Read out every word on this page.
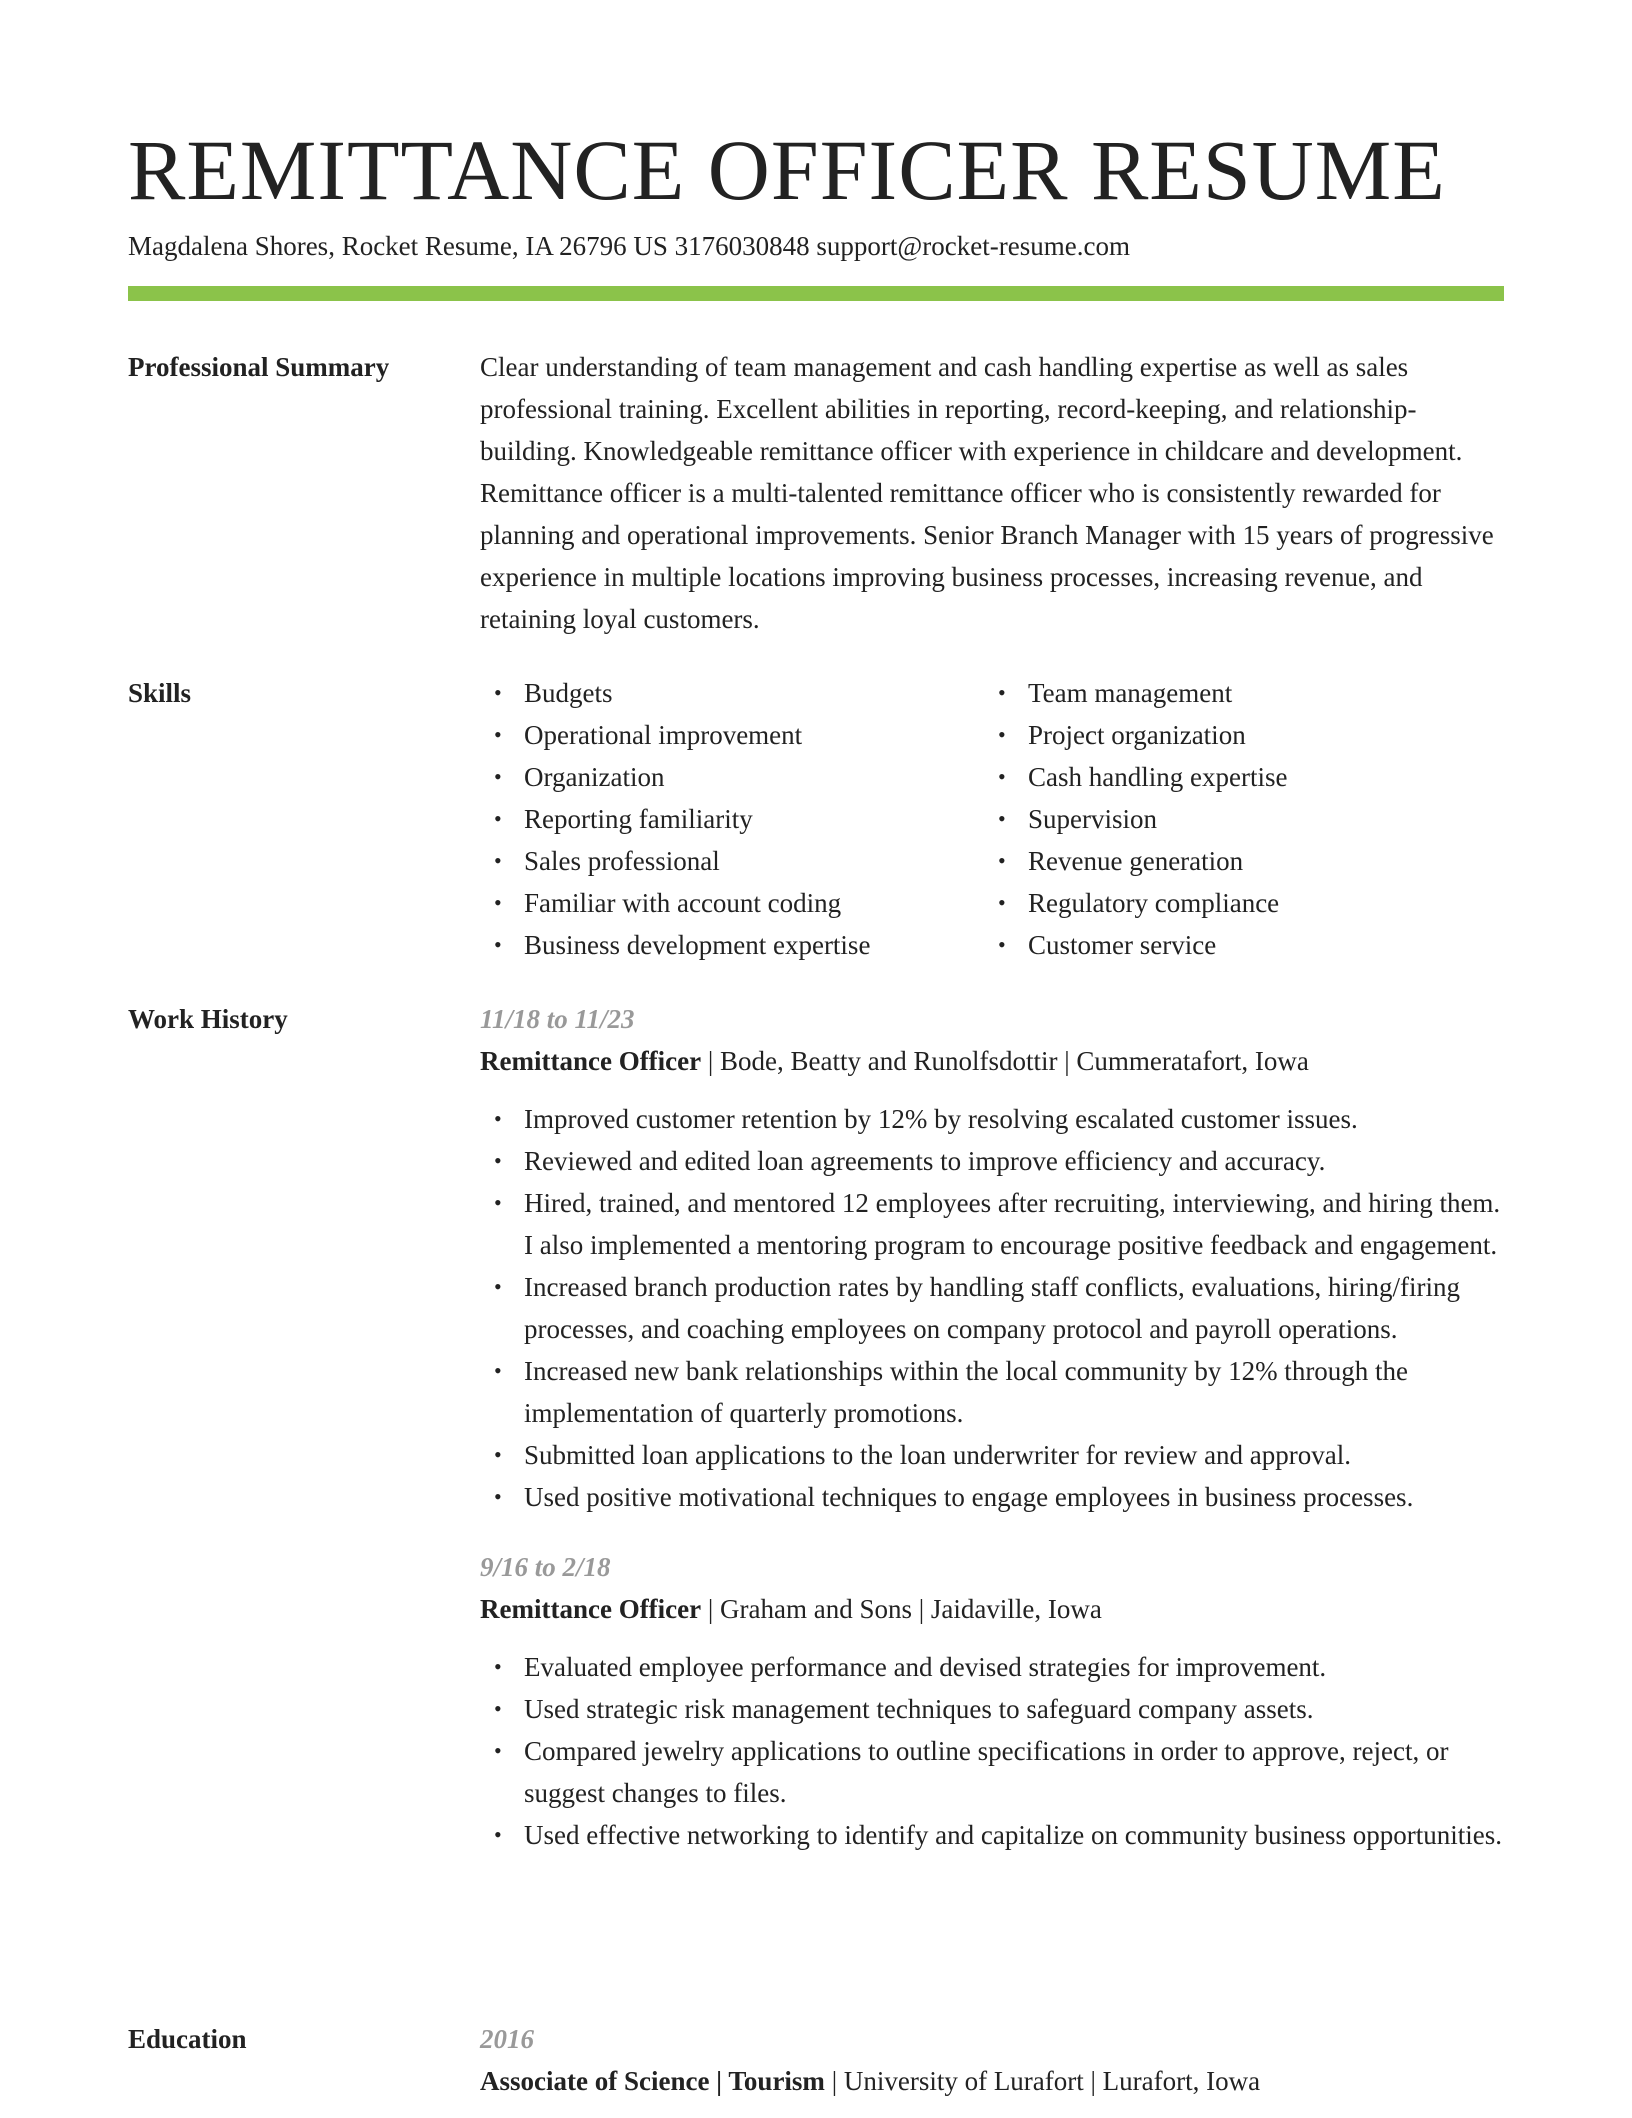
REMITTANCE OFFICER RESUME
Magdalena Shores, Rocket Resume, IA 26796 US 3176030848 support@rocket-resume.com
Professional Summary	Clear understanding of team management and cash handling expertise as well as sales professional training. Excellent abilities in reporting, record-keeping, and relationship-building. Knowledgeable remittance officer with experience in childcare and development. Remittance officer is a multi-talented remittance officer who is consistently rewarded for planning and operational improvements. Senior Branch Manager with 15 years of progressive experience in multiple locations improving business processes, increasing revenue, and retaining loyal customers.

Skills	• Budgets
• Operational improvement
• Organization
• Reporting familiarity
• Sales professional
• Familiar with account coding
• Business development expertise
• Team management
• Project organization
• Cash handling expertise
• Supervision
• Revenue generation
• Regulatory compliance
• Customer service
Work History	11/18 to 11/23
Remittance Officer | Bode, Beatty and Runolfsdottir | Cummeratafort, Iowa
• Improved customer retention by 12% by resolving escalated customer issues.
• Reviewed and edited loan agreements to improve efficiency and accuracy.
• Hired, trained, and mentored 12 employees after recruiting, interviewing, and hiring them. I also implemented a mentoring program to encourage positive feedback and engagement.
• Increased branch production rates by handling staff conflicts, evaluations, hiring/firing processes, and coaching employees on company protocol and payroll operations.
• Increased new bank relationships within the local community by 12% through the implementation of quarterly promotions.
• Submitted loan applications to the loan underwriter for review and approval.
• Used positive motivational techniques to engage employees in business processes.
9/16 to 2/18
Remittance Officer | Graham and Sons | Jaidaville, Iowa
• Evaluated employee performance and devised strategies for improvement.
• Used strategic risk management techniques to safeguard company assets.
• Compared jewelry applications to outline specifications in order to approve, reject, or suggest changes to files.
• Used effective networking to identify and capitalize on community business opportunities.
Education	2016
Associate of Science | Tourism | University of Lurafort | Lurafort, Iowa
